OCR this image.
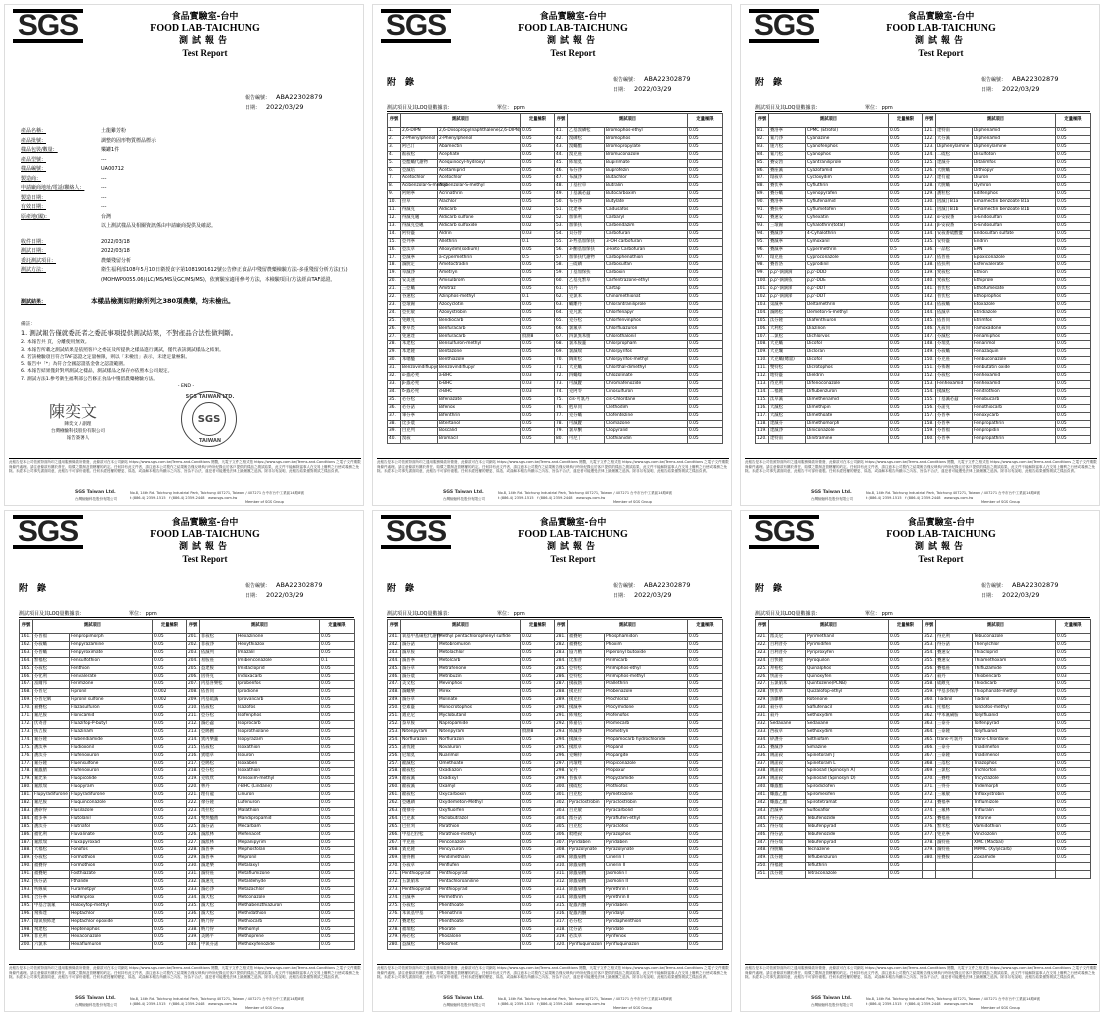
SGS	食品實驗室-台中
FOOD LAB-TAICHUNG
測試報告
Test Report
報告編號： ABA22302879
日期： 2022/03/29
產品名稱：	土龍雞芳粉
產品批號：	調整的固形物質標品標示
樣品包裝/數量：	樂罐1件
產品型號：	---
樣品編號：	UA00712
製造商：	---
申請廠商地址/電話/聯絡人：	---
製造日期：	---
有效日期：	---
原產地(國)：	台灣
以上測試樣品及相關資訊係由申請廠商提供及確認。
收件日期：	2022/03/18
測試日期：	2022/03/18
委託測試項目：	農藥殘留分析
測試方法：	衛生福利部108年5月10日衛授食字第1081901612號公告修正食品中殘留農藥檢驗方法-多重殘留分析方法(五)(MOHWP0055.06)(LC/MS/MS及GC/MS/MS)，依實驗室適用參考方法，本檢驗項目/方法經由TAF認證。
測試結果：	本樣品檢測如附錄所列之380項農藥，均未檢出。
備註：
1. 測試報告僅就委託者之委託事項提供測試結果，不對產品合法性做判斷。
2. 本報告共 頁，分離使用無效。
3. 本報告所載之測試結果是依照客戶之委託及所提供之樣品進行測試，僅代表該測試樣品之結果。
4. 若該檢驗項目符合TAF認證之定量極限，則以「未檢出」表示，未達定量極限。
5. 報告中「*」為符合全國認證基金會之認證範圍。
6. 本報告結果僅針對所測試之樣品，測試樣品之保存亦依照本公司規定。
7. 測試方法1.參考衛生福利部公告修正食品中殘留農藥檢驗方法。
- END -
陳奕文
陳奕文 / 副理
台灣檢驗科技股份有限公司
報告簽署人
SGS TAIWAN LTD.
SGS
TAIWAN
此報告是本公司依照背面所印之通用服務條款所簽發，此條款可在本公司網站 https://www.sgs.com.tw/Terms-and-Conditions 閱覽，凡電子文件之格式依 https://www.sgs.com.tw/Terms-and-Conditions 之電子文件期限與條件處理。請注意條款有關於責任、賠償之限制及管轄權的約定。任何持有此文件者，請注意本公司製作之結果報告僅反映執行時所紀錄且於客戶提供的樣品之測試結果，此文件不能解除當事人在交易上權利之行使或義務之免除。未經本公司事先書面同意，此報告不可部份複製。任何未經授權的變更、偽造、或曲解本報告所顯示之內容，皆為不合法，違犯者可能遭受法律上最嚴厲之追訴。除非另有說明，此報告結果僅對測試之樣品負責。
SGS Taiwan Ltd.	No.8, 14th Rd. Taichung Industrial Park, Taichung 407271, Taiwan / 407271 台中市台中工業區14路8號
台灣檢驗科技股份有限公司	t (886-4) 2359-1515　f (886-4) 2359-2448　www.sgs.com.tw
Member of SGS Group
SGS	食品實驗室-台中
FOOD LAB-TAICHUNG
測試報告
Test Report
附　錄	報告編號： ABA22302879
日期： 2022/03/29
測試項目及其LOQ量數據表：	單位： ppm
序號	測試項目		定量極限	序號	測試項目		定量極限
1.	2,6-DIPN	2,6-Diisopropylnaphthalene(2,6-DIPN)	0.05	41.	乙基溴磷松	Bromophos-ethyl	0.05
2.	2-Phenylphenol	2-Phenylphenol	0.05	42.	溴磷松	Bromophos	0.05
3.	阿巴汀	Abamectin	0.05	43.	溴蟎酯	Bromopropylate	0.05
4.	毆殺松	Acephate	0.05	44.	溴克座	Bromuconazole	0.05
5.	亞醌蟎代謝物	Acequinocyl-hydroxyl	0.05	45.	佈瑞莫	Bupirimate	0.05
6.	亞滅培	Acetamiprid	0.05	46.	布芬淨	Buprofezin	0.05
7.	Acetochlor	Acetochlor	0.05	47.	布滅淨	Butachlor	0.05
8.	Acibenzolar-S-methyl	Acibenzolar-S-methyl	0.05	48.	丁基拉草	Butralin	0.05
9.	阿納寧	Acrinathrin	0.05	49.	丁基滅必蝨	Butocarboxim	0.05
10.	拉草	Alachlor	0.05	50.	布芬淨	Butylate	0.05
11.	得滅克	Aldicarb	0.02	51.	比達寧	Cadusafos	0.05
12.	得滅克碸	Aldicarb sulfone	0.02	52.	加保利	Carbaryl	0.05
13.	得滅克亞碸	Aldicarb sulfoxide	0.02	53.	加保扶	Carbendazim	0.05
14.	阿特靈	Aldrin	0.03	54.	貝芬替	Carbofuran	0.05
15.	亞列寧	Allethrin	0.1	55.	3-羥基加保扶	3-OH carbofuran	0.05
16.	亞汰草	Alloxydim(sodium)	0.05	56.	3-酮基加保扶	3-keto Carbofuran	0.05
17.	亞滅寧	a-cypermethrin	0.5	57.	加保扶代謝物	Carbophenothion	0.05
18.	滅脫定	Ametoctradin	0.05	58.	三硫磷	Carbosulfan	0.05
19.	草滅淨	Ametryn	0.05	59.	丁基加保扶	Carboxin	0.05
20.	安美速	Amisulbrom	0.05	60.	乙基克繁草	Carfentrazone-ethyl	0.05
21.	三亞蟎	Amitraz	0.05	61.	培丹	Cartap	0.05
22.	谷速松	Azinphos-methyl	0.1	62.	克氯苯	Chinomethionat	0.05
23.	亞環錫	Azocyclotin	0.05	63.	蟎離丹	Chlorantraniliprole	0.05
24.	亞托敏	Azoxystrobin	0.05	64.	克凡派	Chlorfenapyr	0.05
25.	免敵克	Bendiocarb	0.05	65.	克芬松	Chlorfenvinphos	0.05
26.	麥草畏	Benfuracarb	0.05	66.	氯氟草	Chlorfluazuron	0.05
27.	免速達	Benfuracarb	偵測8	67.	四氯異苯腈	Chlorothalonil	0.05
28.	苯達松	Bensulfuron-methyl	0.05	68.	氯苯胺靈	Chlorpropham	0.05
29.	本達隆	Bentazone	0.05	69.	氯滅喘	Chlorpyrifos	0.05
30.	苯噻醯	Benthiazole	0.05	70.	陶斯松	Chlorpyrifos-methyl	0.05
31.	Benzovindiflupyr	Benzovindiflupyr	0.05	71.	大克蟎	Chlorthal-dimethyl	0.05
32.	α-蟲必死	a-BHC	0.03	72.	四蟎嗪	Chlozolinate	0.05
33.	β-蟲必死	b-BHC	0.03	73.	可滅蹤	Chromafenozide	0.05
34.	δ-蟲必死	d-BHC	0.03	74.	克阿零	Cinosulfuron	0.05
35.	必芬松	Bifenazate	0.05	75.	cis-可氯丹	cis-Chlordane	0.05
36.	必芬諾	Bifenox	0.05	76.	剋草同	Clethodim	0.05
37.	畢芬寧	Bifenthrin	0.05	77.	克芬蟎	Clofentezine	0.05
38.	比多農	Bitertanol	0.05	78.	可滅蹤	Clomazone	0.05
39.	白克列	Boscalid	0.05	79.	氯草酮	Clopyralid	0.05
40.	溴殺	Bromacil	0.05	80.	可尼丁	Clothianidin	0.05
此報告是本公司依照背面所印之通用服務條款所簽發，此條款可在本公司網站 https://www.sgs.com.tw/Terms-and-Conditions 閱覽，凡電子文件之格式依 https://www.sgs.com.tw/Terms-and-Conditions 之電子文件期限與條件處理。請注意條款有關於責任、賠償之限制及管轄權的約定。任何持有此文件者，請注意本公司製作之結果報告僅反映執行時所紀錄且於客戶提供的樣品之測試結果，此文件不能解除當事人在交易上權利之行使或義務之免除。未經本公司事先書面同意，此報告不可部份複製。任何未經授權的變更、偽造、或曲解本報告所顯示之內容，皆為不合法，違犯者可能遭受法律上最嚴厲之追訴。除非另有說明，此報告結果僅對測試之樣品負責。
SGS Taiwan Ltd.	No.8, 14th Rd. Taichung Industrial Park, Taichung 407271, Taiwan / 407271 台中市台中工業區14路8號
台灣檢驗科技股份有限公司	t (886-4) 2359-1515　f (886-4) 2359-2448　www.sgs.com.tw
Member of SGS Group
SGS	食品實驗室-台中
FOOD LAB-TAICHUNG
測試報告
Test Report
附　錄	報告編號： ABA22302879
日期： 2022/03/29
測試項目及其LOQ量數據表：	單位： ppm
序號	測試項目		定量極限	序號	測試項目		定量極限
81.	賽洛寧	CPMC (Etrofol)	0.05	121.	達特南	Diphenamid	0.05
82.	氰乃淨	Cyanazine	0.05	122.	大芬滅	Diphenamid	0.05
83.	施力松	Cyanofenphos	0.05	123.	Diphenylamine	Diphenylamine	0.05
84.	氰乃松	Cyanophos	0.05	124.	二硫松	Disulfoton	0.05
85.	賽安勃	Cyantraniliprole	0.05	125.	達滅芬	Ditalimfos	0.05
86.	賽座滅	Cyazofamid	0.05	126.	大脫蟎	Dithiopyr	0.05
87.	環殺草	Cycloxydim	0.05	127.	達有龍	Diuron	0.05
88.	賽伏寧	Cyfluthrin	0.05	128.	大脫蟎	Dymron	0.05
89.	賽芬蟎	Cyenopyrafen	0.05	129.	護粒松	Edifenphos	0.05
90.	賽洛寧	Cyflufenamid	0.05	130.	因滅汀B1a	Emamectin benzoate B1a	0.05
91.	賽扶寧	Cyflumetofen	0.05	131.	因滅汀B1b	Emamectin benzoate B1b	0.05
92.	賽速安	Cyhexatin	0.05	132.	α-安殺番	a-Endosulfan	0.05
93.	三環錫	Cyhalothrin(total)	0.05	133.	β-安殺番	b-Endosulfan	0.05
94.	賽滅淨	4-Cyhalothrin	0.05	134.	安殺番硫酸鹽	Endosulfan sulfate	0.05
95.	賽滅寧	Cymoxanil	0.05	135.	安特靈	Endrin	0.05
96.	賽滅寧	Cypermethrin	0.5	136.	一品松	EPN	0.05
97.	環克座	Cyproconazole	0.05	137.	依普座	Epoxiconazole	0.05
98.	賽普洛	Cyprodinil	0.05	138.	依扶利	Esfenvalerate	0.05
99.	p,p'-滴滴滴	p,p'-DDD	0.05	139.	愛殺松	Ethion	0.05
100.	p,p'-滴滴依	p,p'-DDE	0.05	140.	愛殺松	Ethiprole	0.05
101.	o,p'-滴滴涕	o,p'-DDT	0.05	141.	普伏松	Ethofumesate	0.05
102.	p,p'-滴滴涕	p,p'-DDT	0.05	142.	普伏松	Ethoprophos	0.05
103.	第滅寧	Deltamethrin	0.05	143.	依殺蟎	Etoxazole	0.05
104.	滅賜松	Demeton-S-methyl	0.05	144.	依滅草	Etridiazole	0.05
105.	汰芬隆	Diafenthiuron	0.05	145.	依普同	Etrimfos	0.05
106.	大利松	Diazinon	0.05	146.	凡殺同	Famoxadone	0.05
107.	二氯松	Dichlorvos	0.05	147.	芬滅松	Fenamiphos	0.05
108.	大克蟎	Dicofol	0.05	148.	芬瑞莫	Fenarimol	0.05
109.	大克爛	Dicloran	0.05	149.	芬殺蟎	Fenazaquin	0.05
110.	大克蟎(總量)	Dicofol	0.05	150.	芬克座	Fenbuconazole	0.05
111.	雙特松	Dicrotophos	0.05	151.	芬佈賜	Fenbutatin oxide	0.05
112.	地特靈	Dieldrin	0.03	152.	芬殺松	Fenhexamid	0.05
113.	待克利	Difenoconazole	0.05	153.	Fenhexamid	Fenhexamid	0.05
114.	二福隆	Diflubenzuron	0.05	154.	撲滅松	Fenitrothion	0.05
115.	汰草滅	Dimethenamid	0.05	155.	丁基滅必蝨	Fenobucarb	0.05
116.	大滅松	Dimethipin	0.05	156.	芬諾克	Fenothiocarb	0.05
117.	大滅松	Dimethoate	0.05	157.	芬普寧	Fenoxycarb	0.05
118.	達滅芬	Dimethomorph	0.05	158.	芬普寧	Fenpropathrin	0.05
119.	達滅淨	Diniconazole	0.05	159.	芬普福	Fenpropidin	0.05
120.	達特南	Dinitramine	0.05	160.	芬普寧	Fenpropathrin	0.05
此報告是本公司依照背面所印之通用服務條款所簽發，此條款可在本公司網站 https://www.sgs.com.tw/Terms-and-Conditions 閱覽，凡電子文件之格式依 https://www.sgs.com.tw/Terms-and-Conditions 之電子文件期限與條件處理。請注意條款有關於責任、賠償之限制及管轄權的約定。任何持有此文件者，請注意本公司製作之結果報告僅反映執行時所紀錄且於客戶提供的樣品之測試結果，此文件不能解除當事人在交易上權利之行使或義務之免除。未經本公司事先書面同意，此報告不可部份複製。任何未經授權的變更、偽造、或曲解本報告所顯示之內容，皆為不合法，違犯者可能遭受法律上最嚴厲之追訴。除非另有說明，此報告結果僅對測試之樣品負責。
SGS Taiwan Ltd.	No.8, 14th Rd. Taichung Industrial Park, Taichung 407271, Taiwan / 407271 台中市台中工業區14路8號
台灣檢驗科技股份有限公司	t (886-4) 2359-1515　f (886-4) 2359-2448　www.sgs.com.tw
Member of SGS Group
SGS	食品實驗室-台中
FOOD LAB-TAICHUNG
測試報告
Test Report
附　錄	報告編號： ABA22302879
日期： 2022/03/29
測試項目及其LOQ量數據表：	單位： ppm
序號	測試項目		定量極限	序號	測試項目		定量極限
161.	芬普福	Fenpropimorph	0.05	201.	菲殺松	Hexazinone	0.05
162.	芬殺蟎	Fenpyrazamine	0.05	202.	菲殺淨	Hexythiazox	0.05
163.	芬普蟎	Fenpyroximate	0.05	203.	依滅列	Imazalil	0.05
164.	繁福松	Fensulfothion	0.05	204.	易胺座	Imibenconazole	0.1
165.	芬殺松	Fenthion	0.05	205.	益達胺	Imidacloprid	0.05
166.	芬化利	Fenvalerate	0.05	206.	因得克	Indoxacarb	0.05
167.	富爾邦	Ferimzone	0.05	207.	丙基喜樂松	Iprobenfos	0.05
168.	芬普尼	Fipronil	0.002	208.	依普同	Iprodione	0.05
169.	芬普尼砜	Fipronil sulfone	0.002	209.	丙基硫滅	Iprovalicarb	0.05
170.	嘉賽松	Flazasulfuron	0.05	210.	依殺松	Isazofos	0.05
171.	氟尼胺	Flonicamid	0.05	211.	亞芬松	Isofenphos	0.05
172.	伏寄普	Fluazifop-P-butyl	0.05	212.	滅必蝨	Isoprocarb	0.05
173.	扶吉胺	Fluazinam	0.05	213.	亞賜圃	Isoprothiolane	0.05
174.	氟芬隆	Flubendiamide	0.05	214.	異丙樂靈	Isopyrazam	0.05
175.	護汰寧	Fludioxonil	0.05	215.	依殺松	Isoxathion	0.05
176.	護汰芬	Flufenoxuron	0.05	216.	異噁草	Isouron	0.05
177.	氟芬隆	Fluensulfone	0.05	217.	亞賜松	Isoxaben	0.05
178.	氟蟲腈	Flufenoxuron	0.05	218.	亞芬松	Isoxathion	0.05
179.	氟比來	Fluopicolide	0.05	219.	克收欣	Kresoxim-methyl	0.05
180.	氟派瑞	Fluopyram	0.05	220.	林丹	r-BHC (Lindane)	0.05
181.	Flupyradifurone	Flupyradifurone	0.05	221.	理有龍	Linuron	0.05
182.	氟尼胺	Fluquinconazole	0.05	222.	祿芬隆	Lufenuron	0.05
183.	護矽得	Flusilazole	0.05	223.	馬拉松	Malathion	0.05
184.	福多寧	Flutolanil	0.05	224.	雙炔醯菌	Mandipropamid	0.05
185.	護汰芬	Flutriafol	0.05	225.	滅芬諾	Mecarbam	0.05
186.	福化利	Fluvalinate	0.05	226.	滅派林	Mefenacet	0.05
187.	氟派瑞	Fluxapyroxad	0.05	227.	滅派林	Mepanipyrim	0.05
188.	大福松	Fonofos	0.05	228.	滅普寧	Mephosfolan	0.05
189.	芬殺松	Formothion	0.05	229.	滅普寧	Mepronil	0.05
190.	福賽得	Formothion	0.05	230.	滅達樂	Metalaxyl	0.05
191.	福賽絕	Fosthiazate	0.05	231.	滅特座	Metaflumizone	0.05
192.	扶芬諾	Fthalide	0.05	232.	滅速克	Metaldehyde	0.05
193.	呋線威	Furametpyr	0.05	233.	滅必淨	Metazachlor	0.05
194.	合芬寧	Halfenprox	0.05	234.	滅大松	Metconazole	0.05
195.	甲基合氯氟	Haloxyfop-methyl	0.05	235.	滅大松	Methabenzthiazuron	0.05
196.	飛佈達	Heptachlor	0.05	236.	滅大松	Methidathion	0.05
197.	環氧飛佈達	Heptachlor epoxide	0.05	237.	納乃得	Methiocarb	0.05
198.	飛達松	Heptenophos	0.05	238.	納乃得	Methomyl	0.05
199.	菲克利	Hexaconazole	0.05	239.	美賜平	Methoprene	0.05
200.	六氯苯	Hexaflumuron	0.05	240.	甲氧芬諾	Methoxyfenozide	0.05
此報告是本公司依照背面所印之通用服務條款所簽發，此條款可在本公司網站 https://www.sgs.com.tw/Terms-and-Conditions 閱覽，凡電子文件之格式依 https://www.sgs.com.tw/Terms-and-Conditions 之電子文件期限與條件處理。請注意條款有關於責任、賠償之限制及管轄權的約定。任何持有此文件者，請注意本公司製作之結果報告僅反映執行時所紀錄且於客戶提供的樣品之測試結果，此文件不能解除當事人在交易上權利之行使或義務之免除。未經本公司事先書面同意，此報告不可部份複製。任何未經授權的變更、偽造、或曲解本報告所顯示之內容，皆為不合法，違犯者可能遭受法律上最嚴厲之追訴。除非另有說明，此報告結果僅對測試之樣品負責。
SGS Taiwan Ltd.	No.8, 14th Rd. Taichung Industrial Park, Taichung 407271, Taiwan / 407271 台中市台中工業區14路8號
台灣檢驗科技股份有限公司	t (886-4) 2359-1515　f (886-4) 2359-2448　www.sgs.com.tw
Member of SGS Group
SGS	食品實驗室-台中
FOOD LAB-TAICHUNG
測試報告
Test Report
附　錄	報告編號： ABA22302879
日期： 2022/03/29
測試項目及其LOQ量數據表：	單位： ppm
序號	測試項目		定量極限	序號	測試項目		定量極限
241.	氧基甲基磺松代謝物	Methyl pentachlorophenyl sulfide	0.02	281.	福賽絕	Phosphamidon	0.05
242.	滅芬諾	Metobromuron	0.05	282.	福賽松	Phoxim	0.05
243.	滅草胺	Metolachlor	0.05	283.	協力精	Piperonyl butoxide	0.05
244.	滅普寧	Metolcarb	0.05	284.	比加普	Pirimicarb	0.05
245.	滅芬草	Metrafenone	0.05	285.	亞特松	Pirimiphos-ethyl	0.05
246.	滅芬農	Metribuzin	0.05	286.	亞特松	Pirimiphos-methyl	0.05
247.	美文松	Mevinphos	0.05	287.	撲殺熱	Prallethrin	0.05
248.	滅蟻樂	Mirex	0.05	288.	撲克拉	Probenazole	0.05
249.	滅芬草	Molinate	0.05	289.	撲克拉	Prochloraz	0.05
250.	亞素靈	Monocrotophos	0.05	290.	撲滅寧	Procymidone	0.05
251.	邁克尼	Myclobutanil	0.05	291.	佈飛松	Profenofos	0.05
252.	萘草胺	Napropamide	0.05	292.	佈嘉信	Promecarb	0.05
253.	Nitenpyram	Nitenpyram	偵測8	293.	佈滅淨	Prometryn	0.05
254.	Norflurazon	Norflurazon	0.05	294.	撲滅芬	Propamocarb hydrochloride	0.05
255.	諾伐隆	Novaluron	0.05	295.	撲派草	Propanil	0.05
256.	尼瑞莫	Nuarimol	0.05	296.	克螨特	Propargite	0.05
257.	歐滅松	Omethoate	0.05	297.	丙環唑	Propiconazole	0.05
258.	歐殺松	Oxadiazon	0.05	298.	安丹	Propoxur	0.05
259.	歐殺滅	Oxadixyl	0.05	299.	普拔草	Propyzamide	0.05
260.	歐殺滅	Oxamyl	0.05	300.	撲硫松	Prothiofos	0.05
261.	歐殺松	Oxycarboxin	0.05	301.	白克松	Pymetrozine	0.05
262.	亞碸磷	Oxydemeton-Methyl	0.05	302.	Pyraclostrobin	Pyraclostrobin	0.05
263.	復祿芬	Oxyfluorfen	0.05	303.	百克敏	Pyracarbolid	0.05
264.	巴克素	Paclobutrazol	0.05	304.	派芬諾	Pyraflufen-ethyl	0.05
265.	巴拉刈	Parathion	0.05	305.	白克松	Pyraclofos	0.05
266.	甲基巴拉松	Parathion-methyl	0.05	306.	吡唑殺	Pyrazophos	0.05
267.	平克座	Penconazole	0.05	307.	Pyridaben	Pyridaben	0.05
268.	賓克隆	Pencycuron	0.05	308.	Pyrazolynate	Pyrazolynate	0.05
269.	施得圃	Pendimethalin	0.05	309.	除蟲菊精	Cinerin I	0.05
270.	芬殺草	Penflufen	0.05	310.	除蟲菊精	Cinerin II	0.05
271.	Penthiopyrad	Penthiopyrad	0.05	311.	除蟲菊精	Jasmolin I	0.05
272.	五氯硝苯	Pentachloroaniline	0.02	312.	除蟲菊精	Jasmolin II	0.05
273.	Penthiopyrad	Penthiopyrad	0.05	313.	除蟲菊精	Pyrethrin I	0.05
274.	百滅寧	Permethrin	0.05	314.	除蟲菊精	Pyrethrin II	0.05
275.	芬殺松	Phenthoate	0.05	315.	啶蟲丙醚	Pyridaben	0.05
276.	苯氧基甲基	Phenothrin	0.05	316.	啶蟲丙醚	Pyridalyl	0.05
277.	賽達松	Phenthoate	0.05	317.	必芬松	Pyridaphenthion	0.05
278.	福瑞松	Phorate	0.05	318.	比芬諾	Pyridate	0.05
279.	裕必松	Phosalone	0.05	319.	必汰草	Pyrifenox	0.05
280.	益滅松	Phosmet	0.05	320.	Pyrifluquinazon	Pyrifluquinazon	0.05
此報告是本公司依照背面所印之通用服務條款所簽發，此條款可在本公司網站 https://www.sgs.com.tw/Terms-and-Conditions 閱覽，凡電子文件之格式依 https://www.sgs.com.tw/Terms-and-Conditions 之電子文件期限與條件處理。請注意條款有關於責任、賠償之限制及管轄權的約定。任何持有此文件者，請注意本公司製作之結果報告僅反映執行時所紀錄且於客戶提供的樣品之測試結果，此文件不能解除當事人在交易上權利之行使或義務之免除。未經本公司事先書面同意，此報告不可部份複製。任何未經授權的變更、偽造、或曲解本報告所顯示之內容，皆為不合法，違犯者可能遭受法律上最嚴厲之追訴。除非另有說明，此報告結果僅對測試之樣品負責。
SGS Taiwan Ltd.	No.8, 14th Rd. Taichung Industrial Park, Taichung 407271, Taiwan / 407271 台中市台中工業區14路8號
台灣檢驗科技股份有限公司	t (886-4) 2359-1515　f (886-4) 2359-2448　www.sgs.com.tw
Member of SGS Group
SGS	食品實驗室-台中
FOOD LAB-TAICHUNG
測試報告
Test Report
附　錄	報告編號： ABA22302879
日期： 2022/03/29
測試項目及其LOQ量數據表：	單位： ppm
序號	測試項目		定量極限	序號	測試項目		定量極限
321.	派美尼	Pyrimethanil	0.05	352.	得克利	Tebuconazole	0.05
322.	百利普芬	Pyrimidifen	0.05	353.	得芬諾	Thenylchlor	0.05
323.	百利普芬	Pyriproxyfen	0.05	354.	賽速安	Thiacloprid	0.05
324.	百快隆	Pyroquilon	0.05	355.	賽速安	Thiamethoxam	0.05
325.	拜裕松	Quinalphos	0.05	356.	賽福座	Thifluzamide	0.05
326.	快諾芬	Quinoxyfen	0.05	357.	殺丹	Thiobencarb	0.03
327.	五氯硝苯	Quintozene(PCNB)	0.05	358.	硫敵克	Thiodicarb	0.05
328.	快伏草	Quizalofop-ethyl	0.05	359.	甲基多保淨	Thiophanate-methyl	0.05
329.	魚藤精	Rotenone	0.05	360.	Tiadinil	Tiadinil	0.05
330.	殺芬草	Saflufenacil	0.05	361.	托福松	Tolclofos-methyl	0.05
331.	殺丹	Sethoxydim	0.05	362.	甲苯氟磺胺	Tolylfluanid	0.05
332.	Sedaxane	Sedaxane	0.05	363.	三泰芬	Tolfenpyrad	0.05
333.	西殺草	Sethoxydim	0.05	364.	三泰隆	Tolyfluanid	0.05
334.	矽護芬	Silthiofam	0.05	365.	trans-可氯丹	trans-Chlordane	0.05
335.	賽滅淨	Simazine	0.05	366.	三泰芬	Triadimefon	0.05
336.	賜諾殺	Spinetoram J	0.05	367.	三泰隆	Triadimenol	0.05
337.	賜諾殺	Spinetoram L	0.05	368.	三落松	Triazophos	0.05
338.	賜諾殺	Spinosad (Spinosyn A)	0.05	369.	三氯松	Trichlorfon	0.05
339.	賜諾殺	Spinosad (Spinosyn D)	0.05	370.	三賽唑	Tricyclazole	0.05
340.	螺蟲酯	Spirodiclofen	0.05	371.	三得芬	Tridemorph	0.05
341.	螺蟲乙酯	Spiromesifen	0.05	372.	三氟敏	Trifloxystrobin	0.05
342.	螺蟲乙酯	Spirotetramat	0.05	373.	賽福寧	Triflumizole	0.05
343.	治滅寧	Sulfoxaflor	0.05	374.	三氟林	Trifluralin	0.05
344.	得芬諾	Tebufenozide	0.05	375.	賽福座	Triforine	0.05
345.	得芬瑞	Tebufenpyrad	0.05	376.	繁米松	Vamidothion	0.05
346.	得芬諾	Tebufenozide	0.05	377.	免克寧	Vinclozolin	0.05
347.	得芬瑞	Tebufenpyrad	0.05	378.	滅特座	XMC (Macbal)	0.05
348.	得脫蟎	Tecnazene	0.05	379.	滅特座	MPMC (Xylylcarb)	0.05
349.	汰芬隆	Teflubenzuron	0.05	380.	座賽胺	Zoxamide	0.05
350.	得福隆	Tefluthrin	0.05				
351.	汰芬隆	Tetraconazole	0.05				
此報告是本公司依照背面所印之通用服務條款所簽發，此條款可在本公司網站 https://www.sgs.com.tw/Terms-and-Conditions 閱覽，凡電子文件之格式依 https://www.sgs.com.tw/Terms-and-Conditions 之電子文件期限與條件處理。請注意條款有關於責任、賠償之限制及管轄權的約定。任何持有此文件者，請注意本公司製作之結果報告僅反映執行時所紀錄且於客戶提供的樣品之測試結果，此文件不能解除當事人在交易上權利之行使或義務之免除。未經本公司事先書面同意，此報告不可部份複製。任何未經授權的變更、偽造、或曲解本報告所顯示之內容，皆為不合法，違犯者可能遭受法律上最嚴厲之追訴。除非另有說明，此報告結果僅對測試之樣品負責。
SGS Taiwan Ltd.	No.8, 14th Rd. Taichung Industrial Park, Taichung 407271, Taiwan / 407271 台中市台中工業區14路8號
台灣檢驗科技股份有限公司	t (886-4) 2359-1515　f (886-4) 2359-2448　www.sgs.com.tw
Member of SGS Group
